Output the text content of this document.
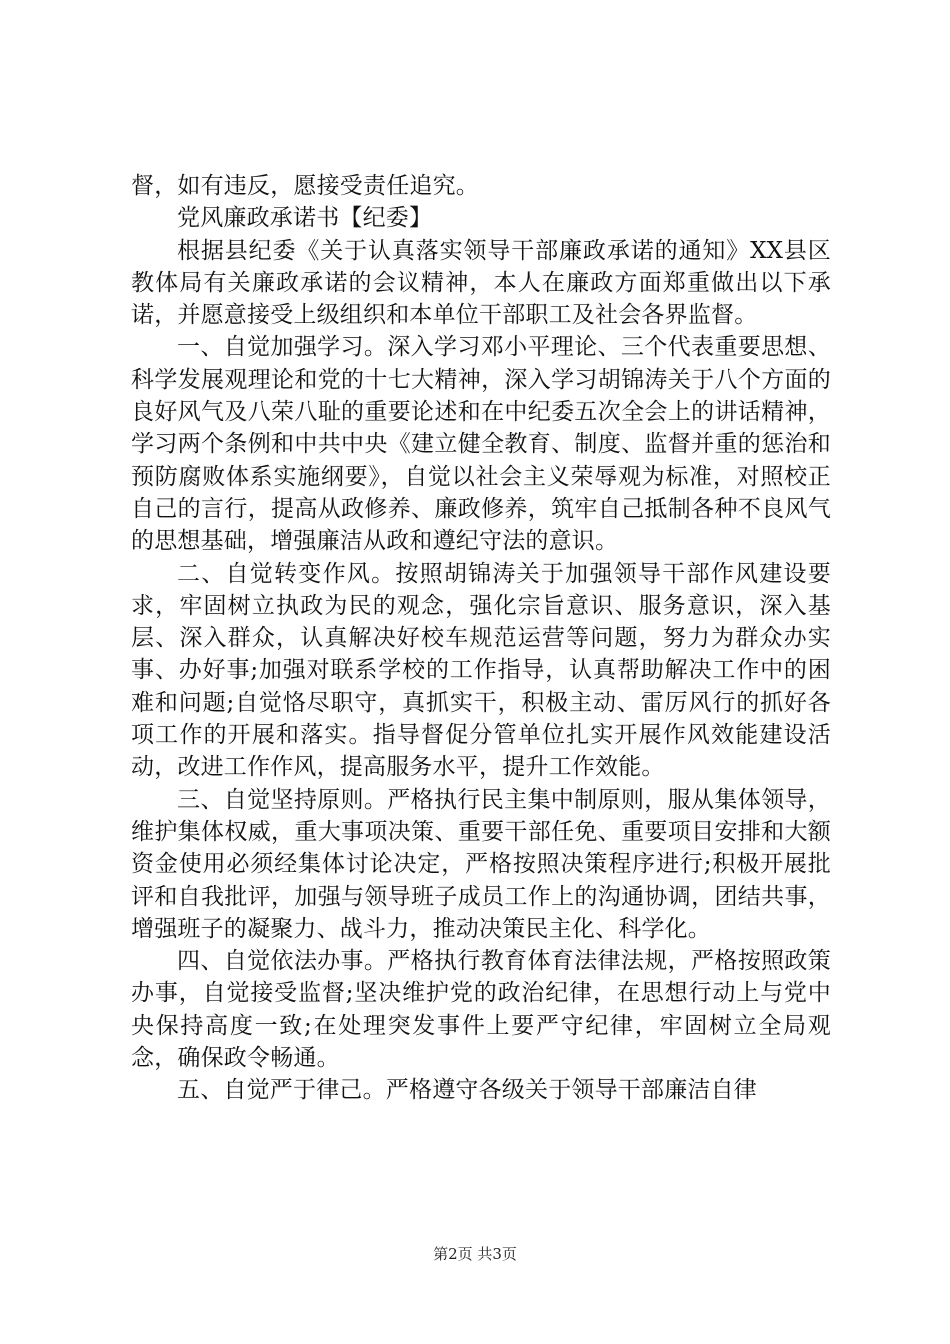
督，如有违反，愿接受责任追究。

党风廉政承诺书【纪委】

根据县纪委《关于认真落实领导干部廉政承诺的通知》XX县区教体局有关廉政承诺的会议精神，本人在廉政方面郑重做出以下承诺，并愿意接受上级组织和本单位干部职工及社会各界监督。

一、自觉加强学习。深入学习邓小平理论、三个代表重要思想、科学发展观理论和党的十七大精神，深入学习胡锦涛关于八个方面的良好风气及八荣八耻的重要论述和在中纪委五次全会上的讲话精神，学习两个条例和中共中央《建立健全教育、制度、监督并重的惩治和预防腐败体系实施纲要》，自觉以社会主义荣辱观为标准，对照校正自己的言行，提高从政修养、廉政修养，筑牢自己抵制各种不良风气的思想基础，增强廉洁从政和遵纪守法的意识。

二、自觉转变作风。按照胡锦涛关于加强领导干部作风建设要求，牢固树立执政为民的观念，强化宗旨意识、服务意识，深入基层、深入群众，认真解决好校车规范运营等问题，努力为群众办实事、办好事;加强对联系学校的工作指导，认真帮助解决工作中的困难和问题;自觉恪尽职守，真抓实干，积极主动、雷厉风行的抓好各项工作的开展和落实。指导督促分管单位扎实开展作风效能建设活动，改进工作作风，提高服务水平，提升工作效能。

三、自觉坚持原则。严格执行民主集中制原则，服从集体领导，维护集体权威，重大事项决策、重要干部任免、重要项目安排和大额资金使用必须经集体讨论决定，严格按照决策程序进行;积极开展批评和自我批评，加强与领导班子成员工作上的沟通协调，团结共事，增强班子的凝聚力、战斗力，推动决策民主化、科学化。

四、自觉依法办事。严格执行教育体育法律法规，严格按照政策办事，自觉接受监督;坚决维护党的政治纪律，在思想行动上与党中央保持高度一致;在处理突发事件上要严守纪律，牢固树立全局观念，确保政令畅通。

五、自觉严于律己。严格遵守各级关于领导干部廉洁自律

第2页 共3页
